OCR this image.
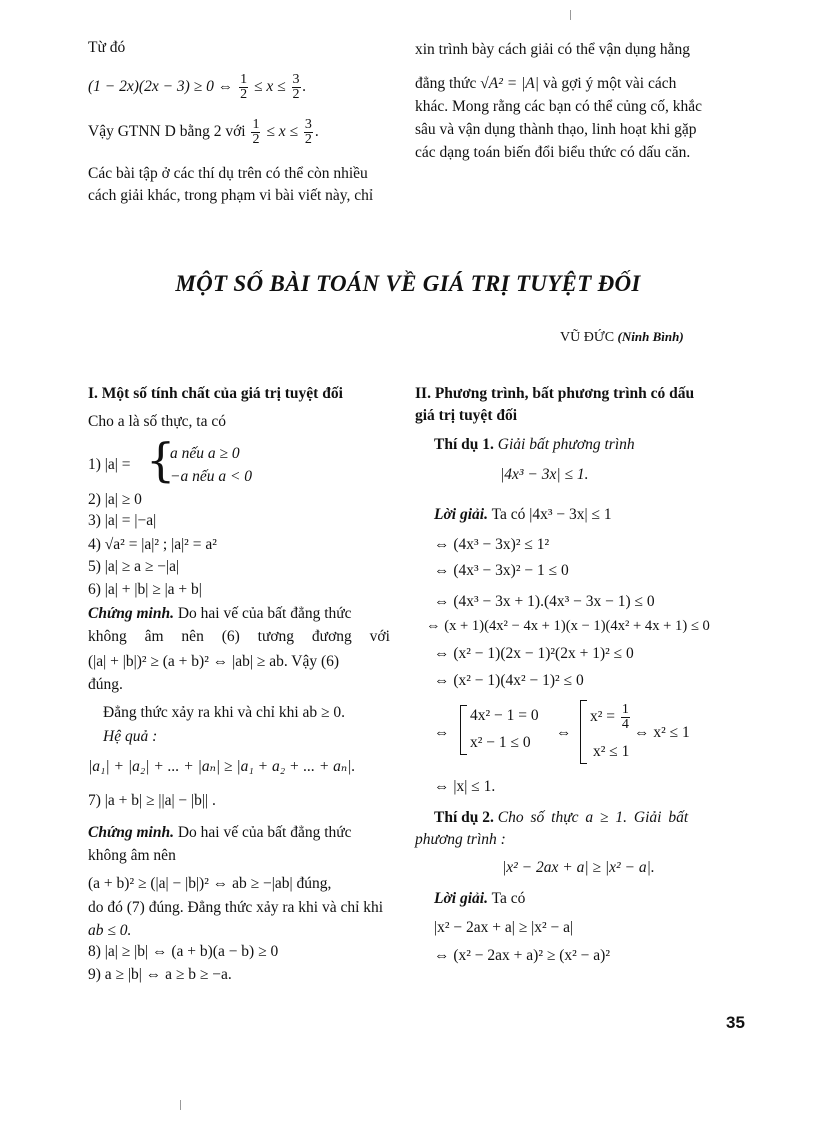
Từ đó
(1 − 2x)(2x − 3) ≥ 0 ⇔ $\frac{1}{2} \le x \le \frac{3}{2}$ .
Vậy GTNN D bằng 2 với $\frac{1}{2} \le x \le \frac{3}{2}$ .
Các bài tập ở các thí dụ trên có thể còn nhiều
cách giải khác, trong phạm vi bài viết này, chỉ
xin trình bày cách giải có thể vận dụng hằng
đẳng thức √A² = |A| và gợi ý một vài cách
khác. Mong rằng các bạn có thể củng cố, khắc
sâu và vận dụng thành thạo, linh hoạt khi gặp
các dạng toán biến đổi biểu thức có dấu căn.
MỘT SỐ BÀI TOÁN VỀ GIÁ TRỊ TUYỆT ĐỐI
VŨ ĐỨC (Ninh Bình)
I. Một số tính chất của giá trị tuyệt đối
Cho a là số thực, ta có
1) |a| = {
a nếu a ≥ 0
−a nếu a < 0
2) |a| ≥ 0
3) |a| = |−a|
4) √a² = |a|² ; |a|² = a²
5) |a| ≥ a ≥ −|a|
6) |a| + |b| ≥ |a + b|
Chứng minh. Do hai vế của bất đẳng thức
không âm nên (6) tương đương với
(|a| + |b|)² ≥ (a + b)² ⇔ |ab| ≥ ab. Vậy (6)
đúng.
Đẳng thức xảy ra khi và chỉ khi ab ≥ 0.
Hệ quả :
|a₁| + |a₂| + ... + |aₙ| ≥ |a₁ + a₂ + ... + aₙ|.
7) |a + b| ≥ ||a| − |b|| .
Chứng minh. Do hai vế của bất đẳng thức
không âm nên
(a + b)² ≥ (|a| − |b|)² ⇔ ab ≥ −|ab| đúng,
do đó (7) đúng. Đẳng thức xảy ra khi và chỉ khi
ab ≤ 0.
8) |a| ≥ |b| ⇔ (a + b)(a − b) ≥ 0
9) a ≥ |b| ⇔ a ≥ b ≥ −a.
II. Phương trình, bất phương trình có dấu
giá trị tuyệt đối
Thí dụ 1. Giải bất phương trình
|4x³ − 3x| ≤ 1.
Lời giải. Ta có |4x³ − 3x| ≤ 1
⇔ (4x³ − 3x)² ≤ 1²
⇔ (4x³ − 3x)² − 1 ≤ 0
⇔ (4x³ − 3x + 1).(4x³ − 3x − 1) ≤ 0
⇔ (x + 1)(4x² − 4x + 1)(x − 1)(4x² + 4x + 1) ≤ 0
⇔ (x² − 1)(2x − 1)²(2x + 1)² ≤ 0
⇔ (x² − 1)(4x² − 1)² ≤ 0
⇔
4x² − 1 = 0
x² − 1 ≤ 0
⇔
$x^2 = \frac{1}{4}$
x² ≤ 1
⇔ x² ≤ 1
⇔ |x| ≤ 1.
Thí dụ 2. Cho số thực a ≥ 1. Giải bất
phương trình :
|x² − 2ax + a| ≥ |x² − a|.
Lời giải. Ta có
|x² − 2ax + a| ≥ |x² − a|
⇔ (x² − 2ax + a)² ≥ (x² − a)²
35
